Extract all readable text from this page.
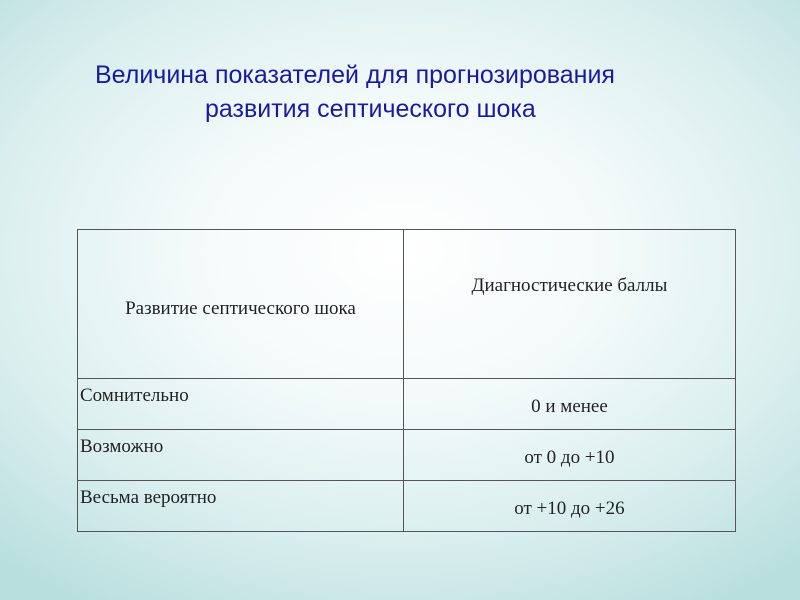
Величина показателей для прогнозирования
развития септического шока
Развитие септического шока	Диагностические баллы
Сомнительно	0 и менее
Возможно	от 0 до +10
Весьма вероятно	от +10 до +26
